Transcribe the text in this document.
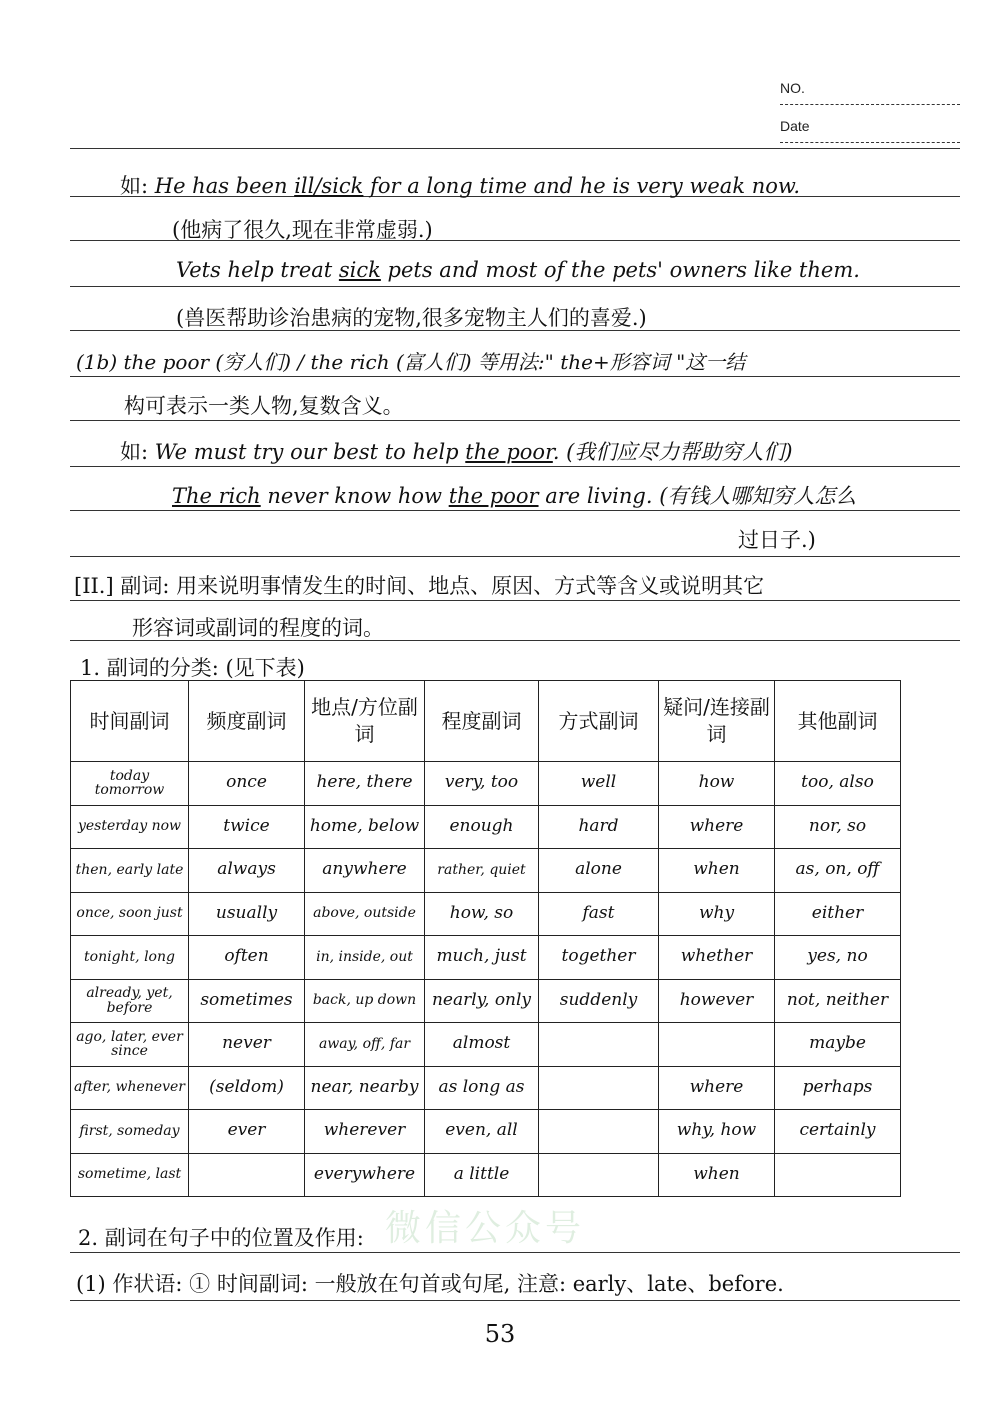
NO.
Date
如: He has been ill/sick for a long time and he is very weak now.
(他病了很久,现在非常虚弱.)
Vets help treat sick pets and most of the pets' owners like them.
(兽医帮助诊治患病的宠物,很多宠物主人们的喜爱.)
(1b) the poor (穷人们) / the rich (富人们) 等用法:" the+形容词 "这一结
构可表示一类人物,复数含义。
如: We must try our best to help the poor. (我们应尽力帮助穷人们)
The rich never know how the poor are living. (有钱人哪知穷人怎么
过日子.)
[II.] 副词: 用来说明事情发生的时间、地点、原因、方式等含义或说明其它
形容词或副词的程度的词。
1. 副词的分类: (见下表)
时间副词	频度副词	地点/方位副词	程度副词	方式副词	疑问/连接副词	其他副词
today tomorrow	once	here, there	very, too	well	how	too, also
yesterday now	twice	home, below	enough	hard	where	nor, so
then, early late	always	anywhere	rather, quiet	alone	when	as, on, off
once, soon just	usually	above, outside	how, so	fast	why	either
tonight, long	often	in, inside, out	much, just	together	whether	yes, no
already, yet, before	sometimes	back, up down	nearly, only	suddenly	however	not, neither
ago, later, ever since	never	away, off, far	almost			maybe
after, whenever	(seldom)	near, nearby	as long as		where	perhaps
first, someday	ever	wherever	even, all		why, how	certainly
sometime, last		everywhere	a little		when	
微信公众号
2. 副词在句子中的位置及作用:
(1) 作状语: ① 时间副词: 一般放在句首或句尾, 注意: early、late、before.
53
